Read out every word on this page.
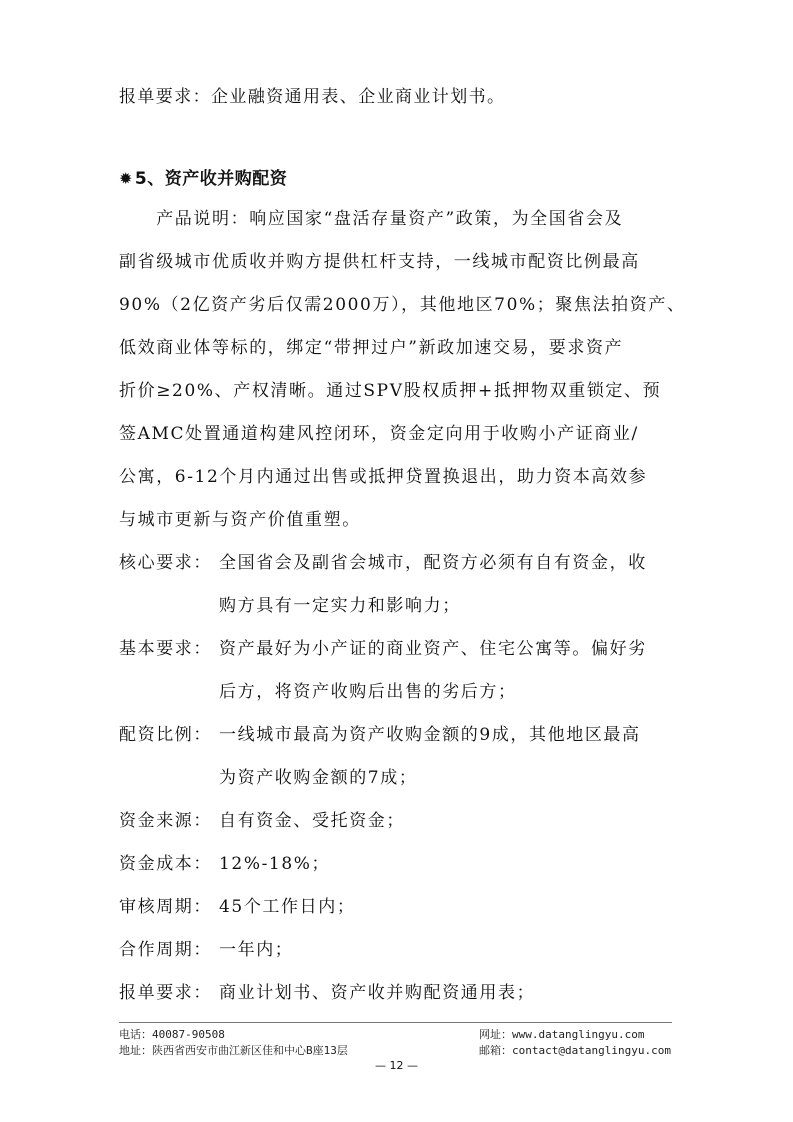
报单要求：企业融资通用表、企业商业计划书。
✹ 5、资产收并购配资
　　产品说明：响应国家“盘活存量资产”政策，为全国省会及
副省级城市优质收并购方提供杠杆支持，一线城市配资比例最高
90%（2亿资产劣后仅需2000万），其他地区70%；聚焦法拍资产、
低效商业体等标的，绑定“带押过户”新政加速交易，要求资产
折价≥20%、产权清晰。通过SPV股权质押+抵押物双重锁定、预
签AMC处置通道构建风控闭环，资金定向用于收购小产证商业/
公寓，6-12个月内通过出售或抵押贷置换退出，助力资本高效参
与城市更新与资产价值重塑。
核心要求： 全国省会及副省会城市，配资方必须有自有资金，收
购方具有一定实力和影响力；
基本要求： 资产最好为小产证的商业资产、住宅公寓等。偏好劣
后方，将资产收购后出售的劣后方；
配资比例： 一线城市最高为资产收购金额的9成，其他地区最高
为资产收购金额的7成；
资金来源： 自有资金、受托资金；
资金成本： 12%-18%；
审核周期： 45个工作日内；
合作周期： 一年内；
报单要求： 商业计划书、资产收并购配资通用表；
电话：40087-90508
地址：陕西省西安市曲江新区佳和中心B座13层
网址：www.datanglingyu.com
邮箱：contact@datanglingyu.com
— 12 —
